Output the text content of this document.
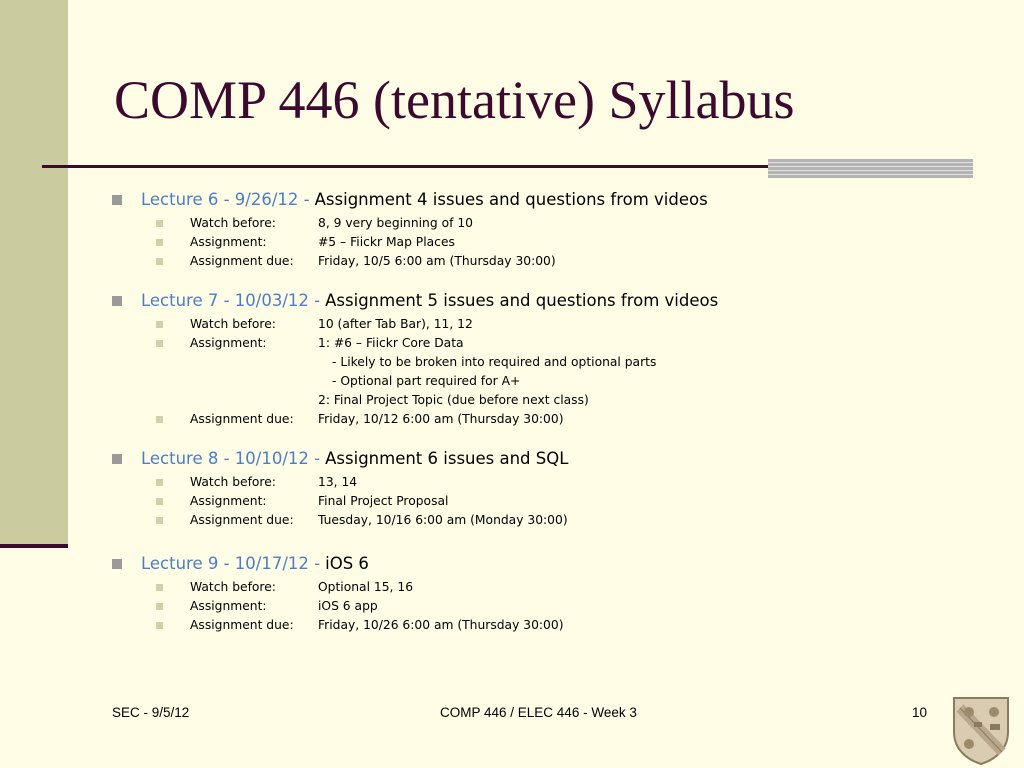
COMP 446 (tentative) Syllabus
Lecture 6 - 9/26/12 - Assignment 4 issues and questions from videos
Watch before:	8, 9 very beginning of 10
Assignment:	#5 – Fiickr Map Places
Assignment due:	Friday, 10/5 6:00 am (Thursday 30:00)
Lecture 7 - 10/03/12 - Assignment 5 issues and questions from videos
Watch before:	10 (after Tab Bar), 11, 12
Assignment:	1: #6 – Fiickr Core Data
- Likely to be broken into required and optional parts
- Optional part required for A+
2: Final Project Topic (due before next class)
Assignment due:	Friday, 10/12 6:00 am (Thursday 30:00)
Lecture 8 - 10/10/12 - Assignment 6 issues and SQL
Watch before:	13, 14
Assignment:	Final Project Proposal
Assignment due:	Tuesday, 10/16 6:00 am (Monday 30:00)
Lecture 9 - 10/17/12 - iOS 6
Watch before:	Optional 15, 16
Assignment:	iOS 6 app
Assignment due:	Friday, 10/26 6:00 am (Thursday 30:00)
SEC - 9/5/12	COMP 446 / ELEC 446 - Week 3	10
